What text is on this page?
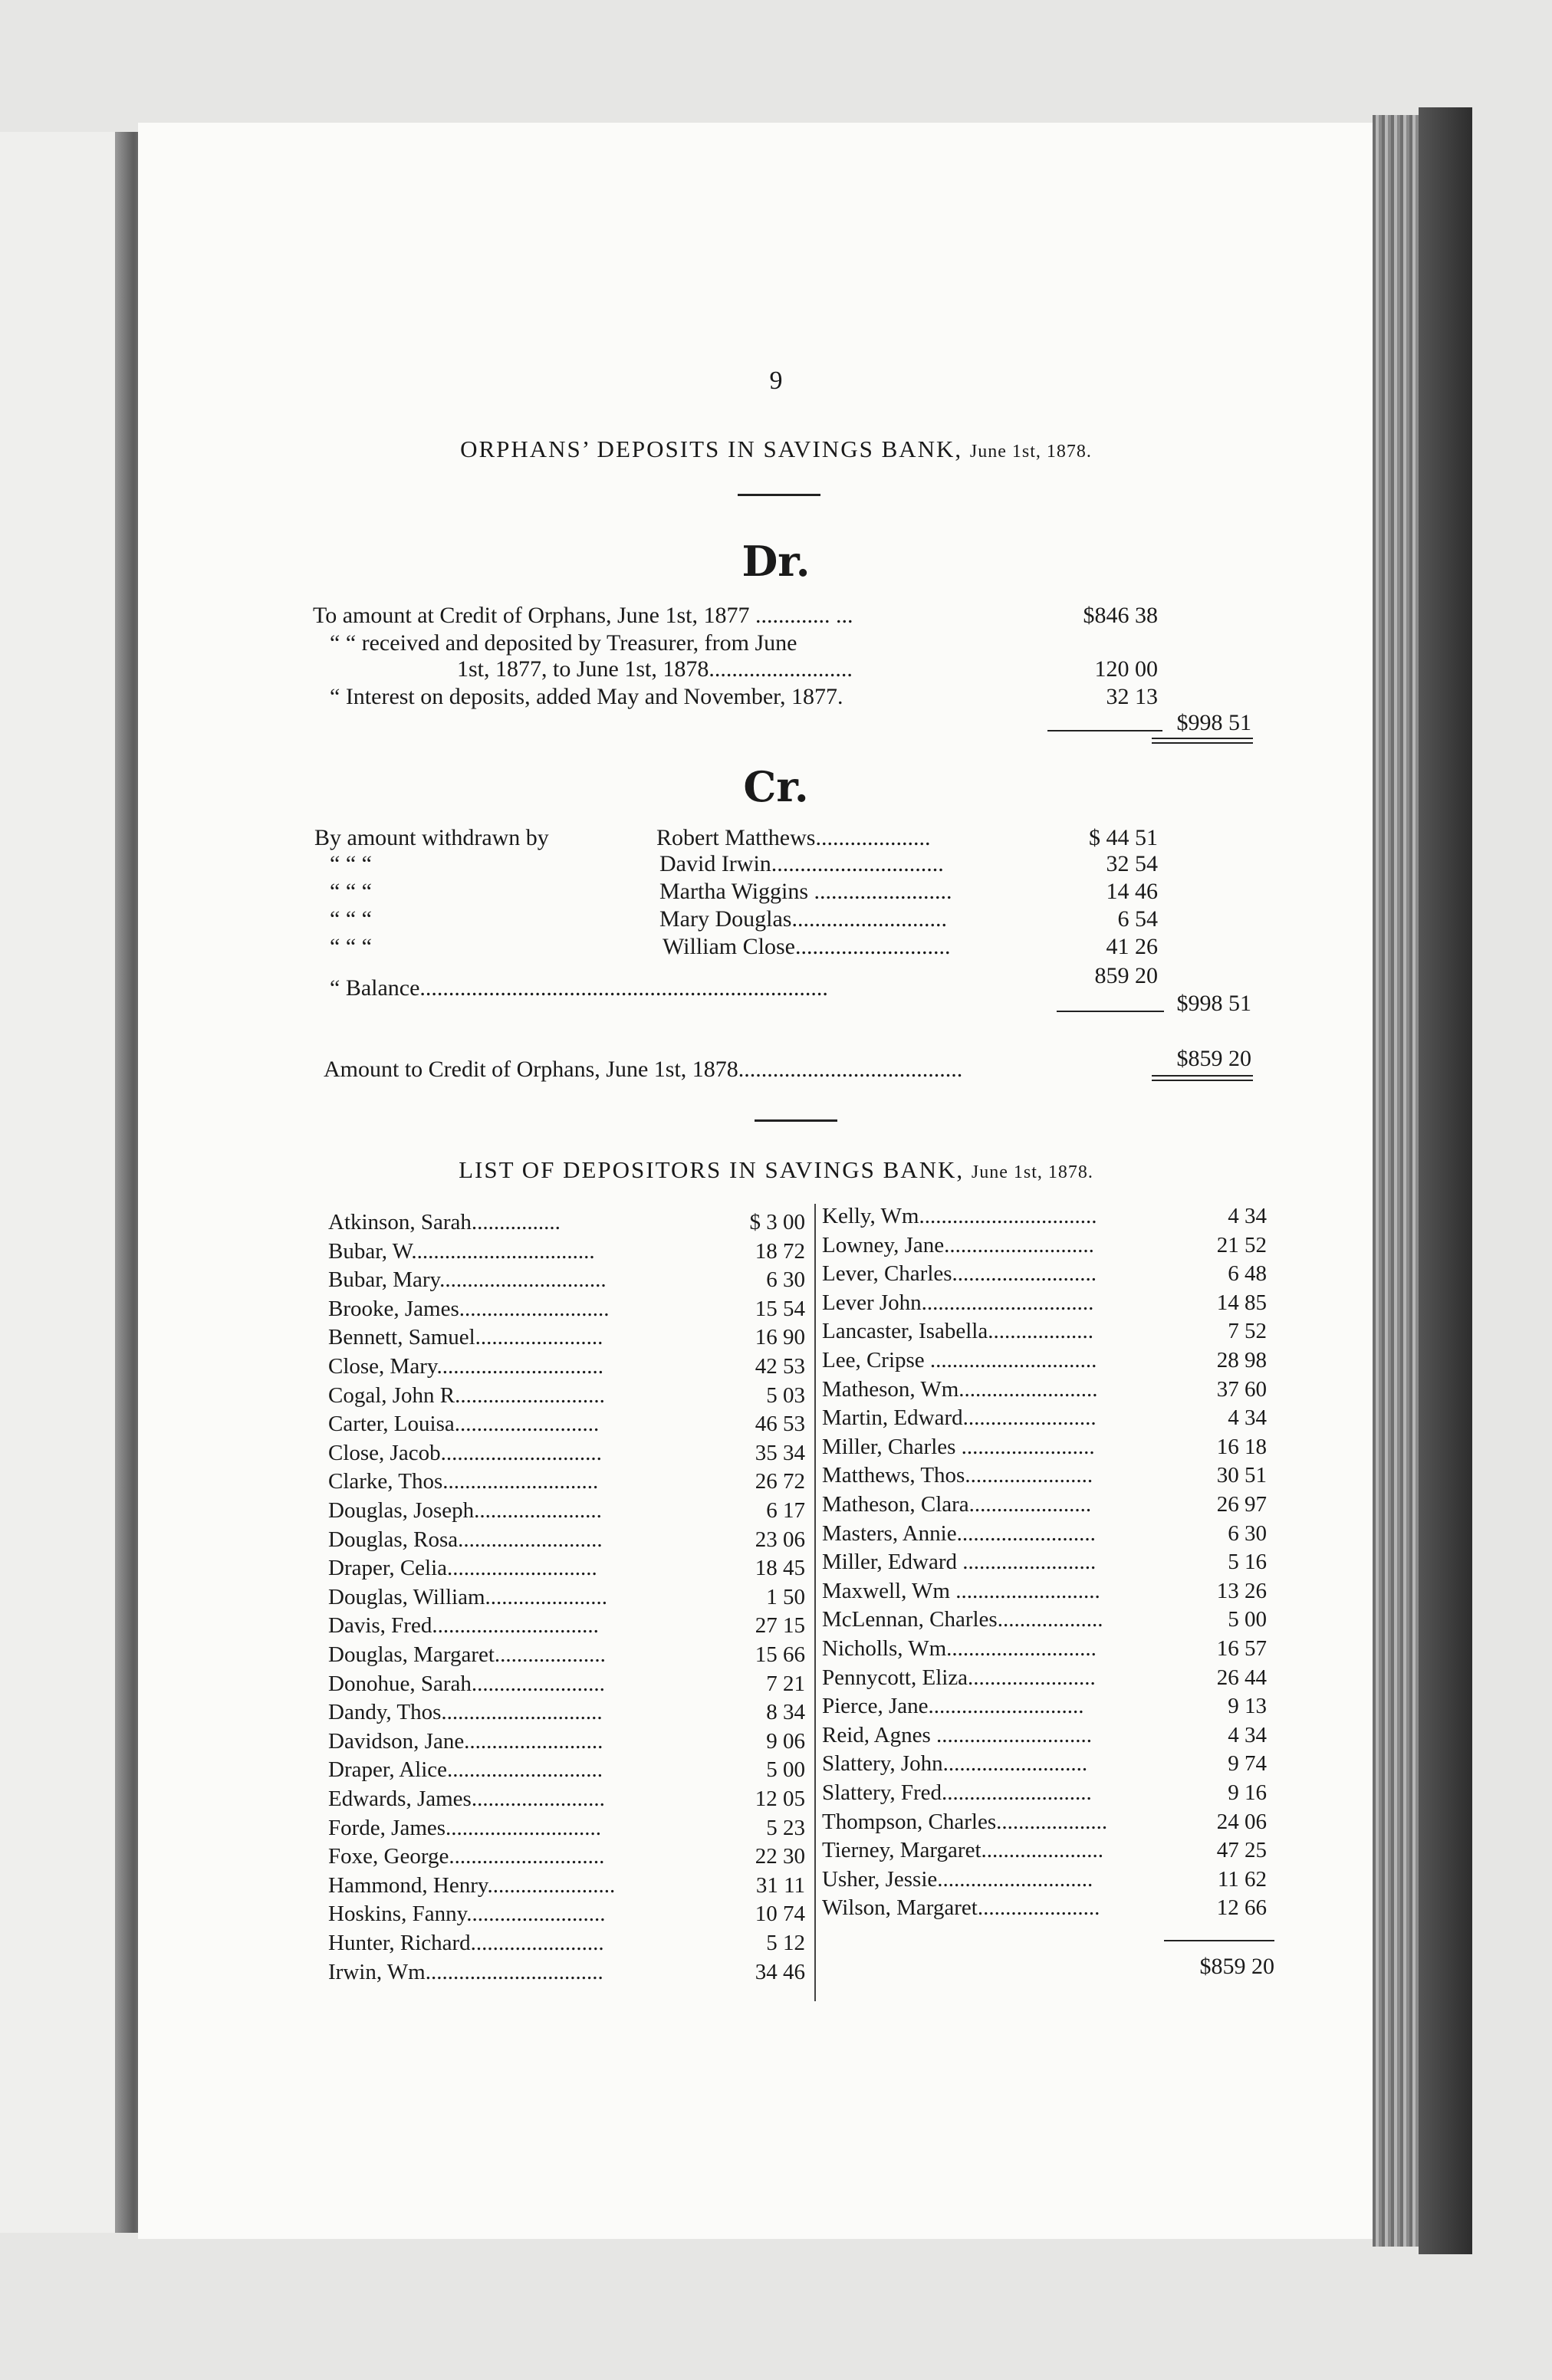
9
ORPHANS’ DEPOSITS IN SAVINGS BANK, June 1st, 1878.
Dr.
To amount at Credit of Orphans, June 1st, 1877 ............. ...	$846 38
“ “ received and deposited by Treasurer, from June
1st, 1877, to June 1st, 1878.........................	120 00
“ Interest on deposits, added May and November, 1877.	32 13
$998 51
Cr.
By amount withdrawn by	Robert Matthews....................	$ 44 51
“ “ “	David Irwin..............................	32 54
“ “ “	Martha Wiggins ........................	14 46
“ “ “	Mary Douglas...........................	6 54
“ “ “	William Close...........................	41 26
“ Balance.......................................................................	859 20
$998 51
Amount to Credit of Orphans, June 1st, 1878.......................................	$859 20
LIST OF DEPOSITORS IN SAVINGS BANK, June 1st, 1878.
Atkinson, Sarah................	$ 3 00
Bubar, W.................................	18 72
Bubar, Mary..............................	6 30
Brooke, James...........................	15 54
Bennett, Samuel.......................	16 90
Close, Mary..............................	42 53
Cogal, John R...........................	5 03
Carter, Louisa..........................	46 53
Close, Jacob.............................	35 34
Clarke, Thos............................	26 72
Douglas, Joseph.......................	6 17
Douglas, Rosa..........................	23 06
Draper, Celia...........................	18 45
Douglas, William......................	1 50
Davis, Fred..............................	27 15
Douglas, Margaret....................	15 66
Donohue, Sarah........................	7 21
Dandy, Thos.............................	8 34
Davidson, Jane.........................	9 06
Draper, Alice............................	5 00
Edwards, James........................	12 05
Forde, James............................	5 23
Foxe, George............................	22 30
Hammond, Henry.......................	31 11
Hoskins, Fanny.........................	10 74
Hunter, Richard........................	5 12
Irwin, Wm................................	34 46
Kelly, Wm................................	4 34
Lowney, Jane...........................	21 52
Lever, Charles..........................	6 48
Lever John...............................	14 85
Lancaster, Isabella...................	7 52
Lee, Cripse ..............................	28 98
Matheson, Wm.........................	37 60
Martin, Edward........................	4 34
Miller, Charles ........................	16 18
Matthews, Thos.......................	30 51
Matheson, Clara......................	26 97
Masters, Annie.........................	6 30
Miller, Edward ........................	5 16
Maxwell, Wm ..........................	13 26
McLennan, Charles...................	5 00
Nicholls, Wm...........................	16 57
Pennycott, Eliza.......................	26 44
Pierce, Jane............................	9 13
Reid, Agnes ............................	4 34
Slattery, John..........................	9 74
Slattery, Fred...........................	9 16
Thompson, Charles....................	24 06
Tierney, Margaret......................	47 25
Usher, Jessie............................	11 62
Wilson, Margaret......................	12 66
$859 20
